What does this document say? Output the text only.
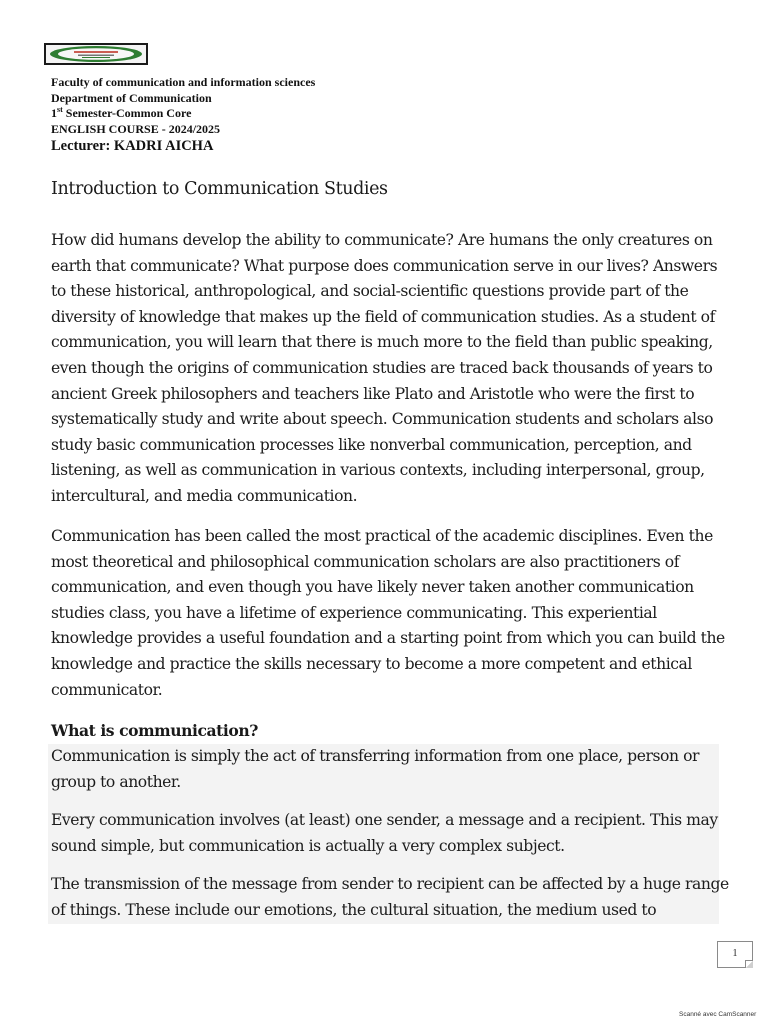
Faculty of communication and information sciences
Department of Communication
1st Semester-Common Core
ENGLISH COURSE - 2024/2025
Lecturer: KADRI AICHA
Introduction to Communication Studies
How did humans develop the ability to communicate? Are humans the only creatures on
earth that communicate? What purpose does communication serve in our lives? Answers
to these historical, anthropological, and social-scientific questions provide part of the
diversity of knowledge that makes up the field of communication studies. As a student of
communication, you will learn that there is much more to the field than public speaking,
even though the origins of communication studies are traced back thousands of years to
ancient Greek philosophers and teachers like Plato and Aristotle who were the first to
systematically study and write about speech. Communication students and scholars also
study basic communication processes like nonverbal communication, perception, and
listening, as well as communication in various contexts, including interpersonal, group,
intercultural, and media communication.
Communication has been called the most practical of the academic disciplines. Even the
most theoretical and philosophical communication scholars are also practitioners of
communication, and even though you have likely never taken another communication
studies class, you have a lifetime of experience communicating. This experiential
knowledge provides a useful foundation and a starting point from which you can build the
knowledge and practice the skills necessary to become a more competent and ethical
communicator.
What is communication?
Communication is simply the act of transferring information from one place, person or
group to another.
Every communication involves (at least) one sender, a message and a recipient. This may
sound simple, but communication is actually a very complex subject.
The transmission of the message from sender to recipient can be affected by a huge range
of things. These include our emotions, the cultural situation, the medium used to
1
Scanné avec CamScanner
